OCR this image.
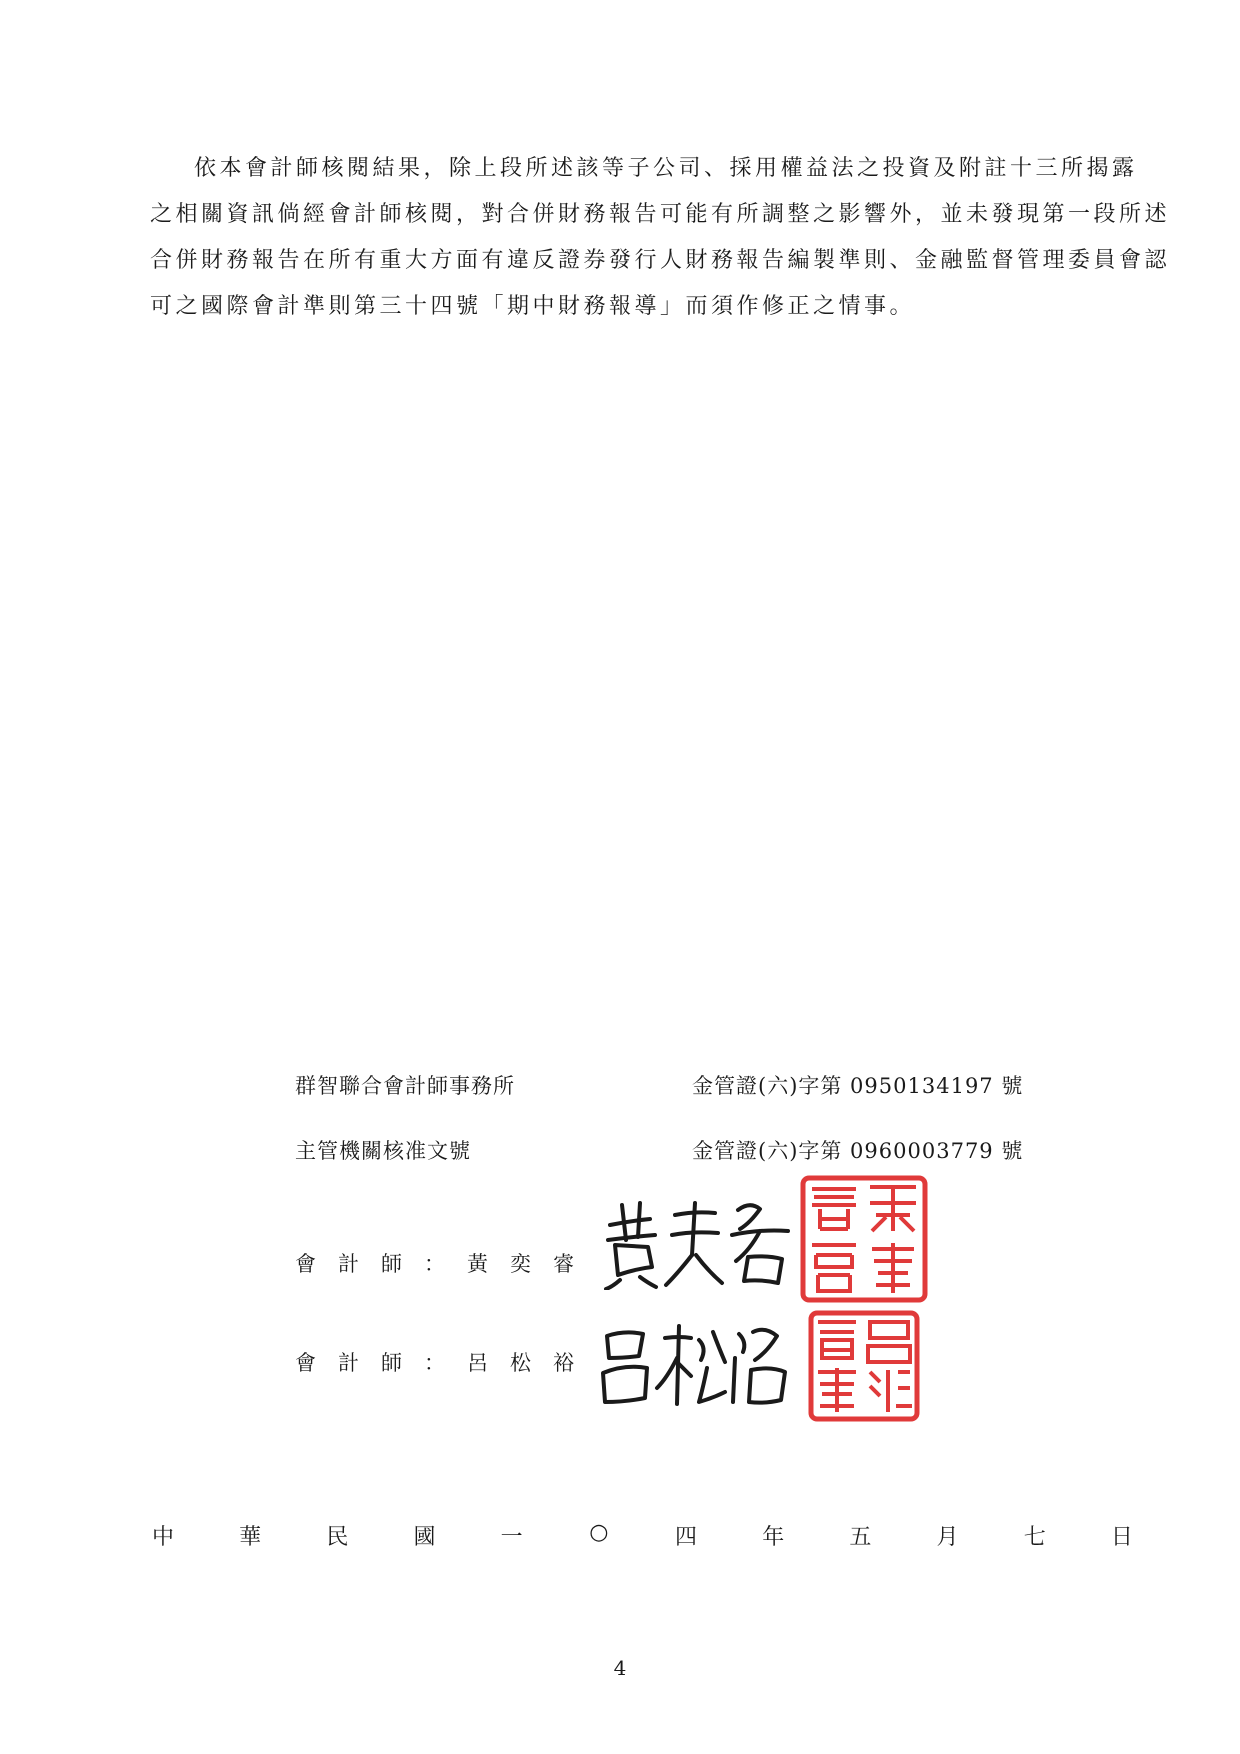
依本會計師核閱結果，除上段所述該等子公司、採用權益法之投資及附註十三所揭露
之相關資訊倘經會計師核閱，對合併財務報告可能有所調整之影響外，並未發現第一段所述
合併財務報告在所有重大方面有違反證券發行人財務報告編製準則、金融監督管理委員會認
可之國際會計準則第三十四號「期中財務報導」而須作修正之情事。
群智聯合會計師事務所	金管證(六)字第 0950134197 號
主管機關核准文號	金管證(六)字第 0960003779 號
會計師：黃奕睿
會計師：呂松裕
中	華	民	國	一	○	四	年	五	月	七	日
4
